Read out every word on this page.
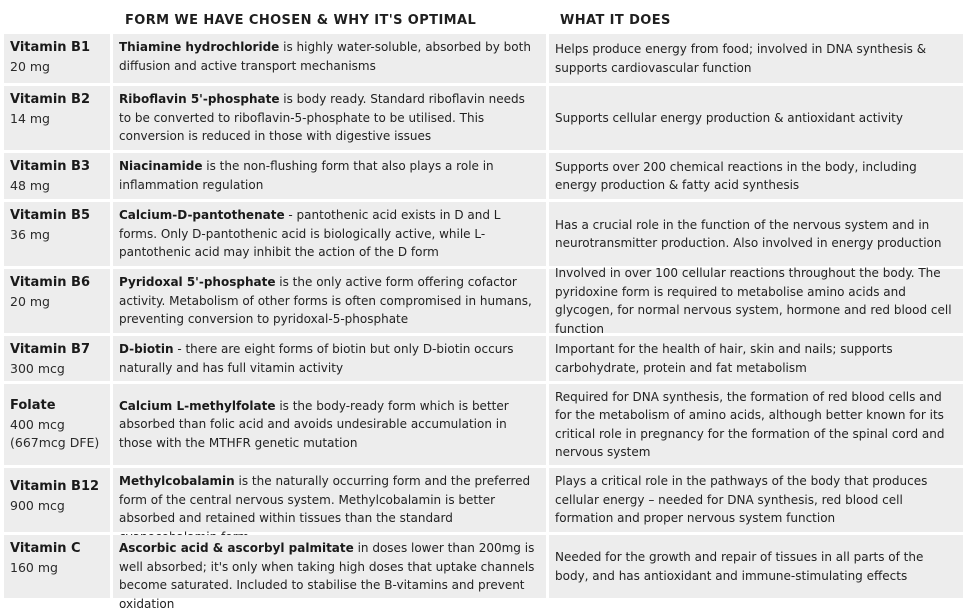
FORM WE HAVE CHOSEN & WHY IT'S OPTIMAL	WHAT IT DOES
Vitamin B1
20 mg
Thiamine hydrochloride is highly water-soluble, absorbed by both diffusion and active transport mechanisms
Helps produce energy from food; involved in DNA synthesis & supports cardiovascular function
Vitamin B2
14 mg
Riboflavin 5'-phosphate is body ready. Standard riboflavin needs to be converted to riboflavin-5-phosphate to be utilised. This conversion is reduced in those with digestive issues
Supports cellular energy production & antioxidant activity
Vitamin B3
48 mg
Niacinamide is the non-flushing form that also plays a role in inflammation regulation
Supports over 200 chemical reactions in the body, including energy production & fatty acid synthesis
Vitamin B5
36 mg
Calcium-D-pantothenate - pantothenic acid exists in D and L forms. Only D-pantothenic acid is biologically active, while L-pantothenic acid may inhibit the action of the D form
Has a crucial role in the function of the nervous system and in neurotransmitter production. Also involved in energy production
Vitamin B6
20 mg
Pyridoxal 5'-phosphate is the only active form offering cofactor activity. Metabolism of other forms is often compromised in humans, preventing conversion to pyridoxal-5-phosphate
Involved in over 100 cellular reactions throughout the body. The pyridoxine form is required to metabolise amino acids and glycogen, for normal nervous system, hormone and red blood cell function
Vitamin B7
300 mcg
D-biotin - there are eight forms of biotin but only D-biotin occurs naturally and has full vitamin activity
Important for the health of hair, skin and nails; supports carbohydrate, protein and fat metabolism
Folate
400 mcg
(667mcg DFE)
Calcium L-methylfolate is the body-ready form which is better absorbed than folic acid and avoids undesirable accumulation in those with the MTHFR genetic mutation
Required for DNA synthesis, the formation of red blood cells and for the metabolism of amino acids, although better known for its critical role in pregnancy for the formation of the spinal cord and nervous system
Vitamin B12
900 mcg
Methylcobalamin is the naturally occurring form and the preferred form of the central nervous system. Methylcobalamin is better absorbed and retained within tissues than the standard
Plays a critical role in the pathways of the body that produces cellular energy – needed for DNA synthesis, red blood cell formation and proper nervous system function
Vitamin C
160 mg
Ascorbic acid & ascorbyl palmitate in doses lower than 200mg is well absorbed; it's only when taking high doses that uptake channels become saturated. Included to stabilise the B-vitamins and prevent oxidation
Needed for the growth and repair of tissues in all parts of the body, and has antioxidant and immune-stimulating effects
